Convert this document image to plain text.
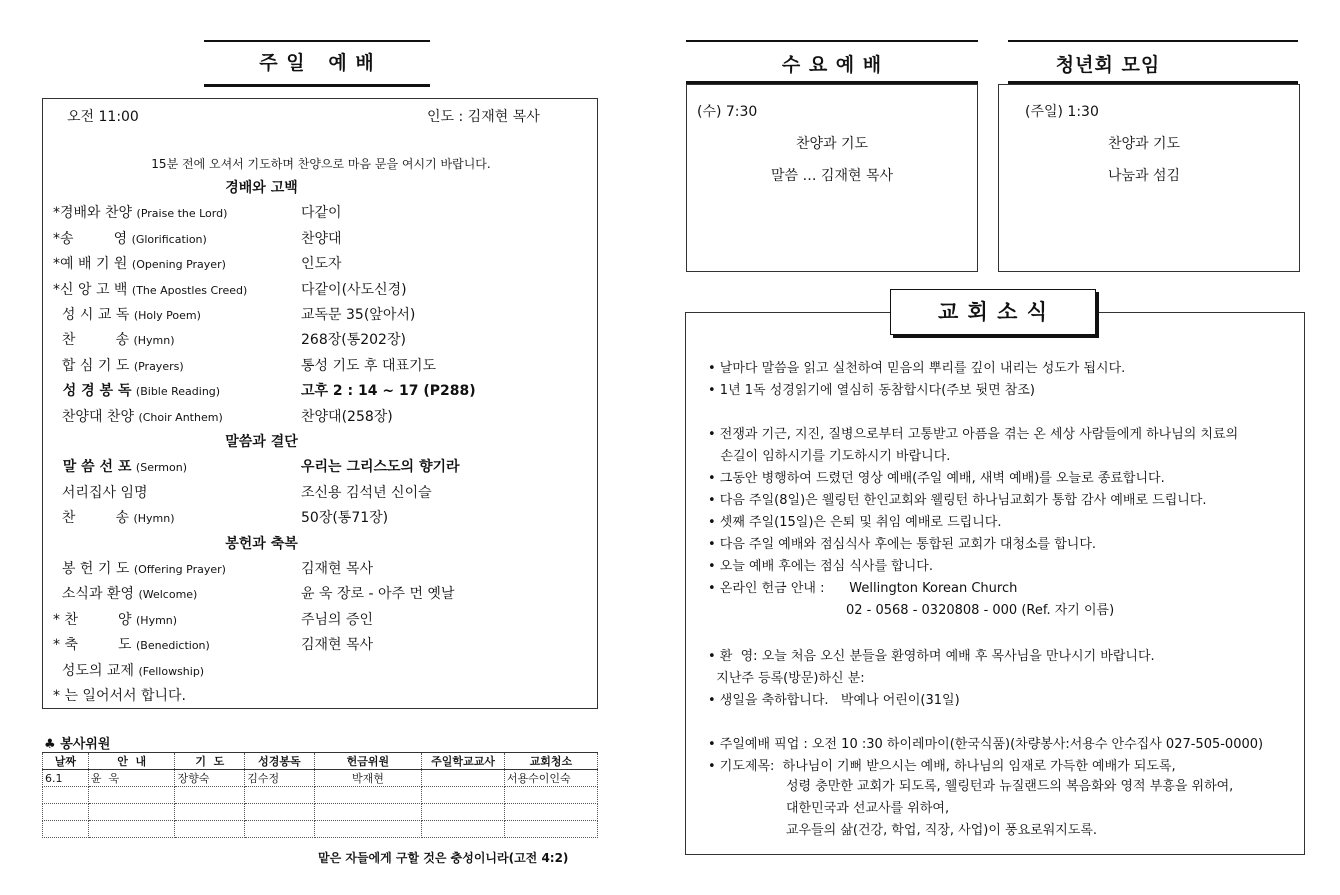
주 일   예 배
오전 11:00	인도 : 김재현 목사
15분 전에 오셔서 기도하며 찬양으로 마음 문을 여시기 바랍니다.
경배와 고백
*경배와 찬양 (Praise the Lord)	다같이
*송         영 (Glorification)	찬양대
*예 배 기 원 (Opening Prayer)	인도자
*신 앙 고 백 (The Apostles Creed)	다같이(사도신경)
성 시 교 독 (Holy Poem)	교독문 35(앞아서)
찬         송 (Hymn)	268장(통202장)
합 심 기 도 (Prayers)	통성 기도 후 대표기도
성 경 봉 독 (Bible Reading)	고후 2 : 14 ~ 17 (P288)
찬양대 찬양 (Choir Anthem)	찬양대(258장)
말씀과 결단
말 씀 선 포 (Sermon)	우리는 그리스도의 향기라
서리집사 임명	조신용 김석년 신이슬
찬         송 (Hymn)	50장(통71장)
봉헌과 축복
봉 헌 기 도 (Offering Prayer)	김재현 목사
소식과 환영 (Welcome)	윤 욱 장로 - 아주 먼 옛날
* 찬         양 (Hymn)	주님의 증인
* 축         도 (Benediction)	김재현 목사
성도의 교제 (Fellowship)
* 는 일어서서 합니다.
♣ 봉사위원
날짜	안  내	기  도	성경봉독	헌금위원	주일학교교사	교회청소
6.1	윤  욱	장향숙	김수정	박재현		서용수이인숙

맡은 자들에게 구할 것은 충성이니라(고전 4:2)
수 요 예 배
(수) 7:30
찬양과 기도
말씀 … 김재현 목사
청년회 모임
(주일) 1:30
찬양과 기도
나눔과 섬김
• 날마다 말씀을 읽고 실천하여 믿음의 뿌리를 깊이 내리는 성도가 됩시다.
• 1년 1독 성경읽기에 열심히 동참합시다(주보 뒷면 참조)
• 전쟁과 기근, 지진, 질병으로부터 고통받고 아픔을 겪는 온 세상 사람들에게 하나님의 치료의
손길이 임하시기를 기도하시기 바랍니다.
• 그동안 병행하여 드렸던 영상 예배(주일 예배, 새벽 예배)를 오늘로 종료합니다.
• 다음 주일(8일)은 웰링턴 한인교회와 웰링턴 하나님교회가 통합 감사 예배로 드립니다.
• 셋째 주일(15일)은 은퇴 및 취임 예배로 드립니다.
• 다음 주일 예배와 점심식사 후에는 통합된 교회가 대청소를 합니다.
• 오늘 예배 후에는 점심 식사를 합니다.
• 온라인 헌금 안내 :      Wellington Korean Church
02 - 0568 - 0320808 - 000 (Ref. 자기 이름)
• 환  영: 오늘 처음 오신 분들을 환영하며 예배 후 목사님을 만나시기 바랍니다.
지난주 등록(방문)하신 분:
• 생일을 축하합니다.   박예나 어린이(31일)
• 주일예배 픽업 : 오전 10 :30 하이레마이(한국식품)(차량봉사:서용수 안수집사 027-505-0000)
• 기도제목:  하나님이 기뻐 받으시는 예배, 하나님의 임재로 가득한 예배가 되도록,
성령 충만한 교회가 되도록, 웰링턴과 뉴질랜드의 복음화와 영적 부흥을 위하여,
대한민국과 선교사를 위하여,
교우들의 삶(건강, 학업, 직장, 사업)이 풍요로워지도록.
교 회 소 식
